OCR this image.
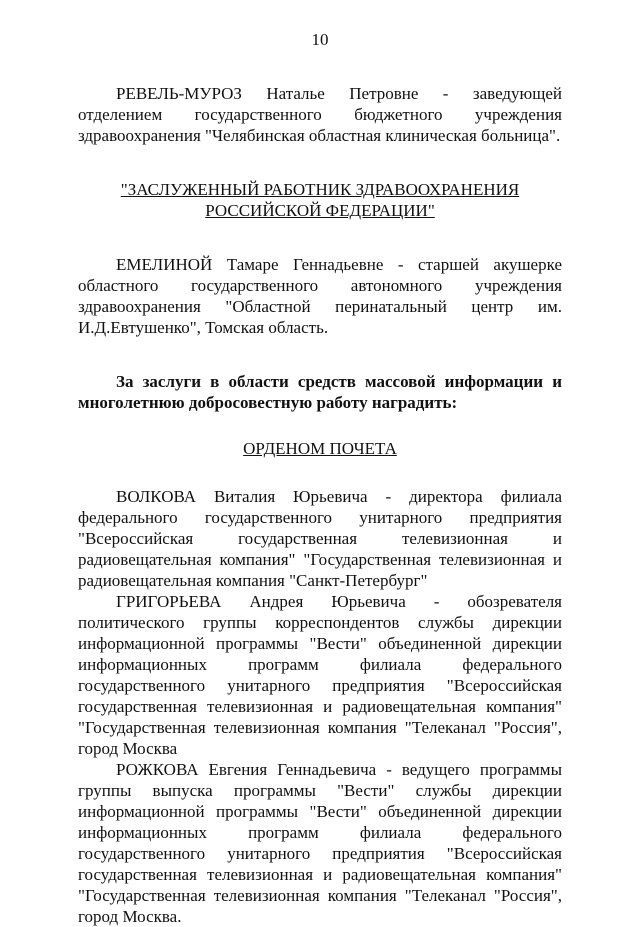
10

РЕВЕЛЬ-МУРОЗ Наталье Петровне - заведующей отделением государственного бюджетного учреждения здравоохранения "Челябинская областная клиническая больница".

"ЗАСЛУЖЕННЫЙ РАБОТНИК ЗДРАВООХРАНЕНИЯ

РОССИЙСКОЙ ФЕДЕРАЦИИ"

ЕМЕЛИНОЙ Тамаре Геннадьевне - старшей акушерке областного государственного автономного учреждения здравоохранения "Областной перинатальный центр им. И.Д.Евтушенко", Томская область.

За заслуги в области средств массовой информации и многолетнюю добросовестную работу наградить:

ОРДЕНОМ ПОЧЕТА

ВОЛКОВА Виталия Юрьевича - директора филиала федерального государственного унитарного предприятия "Всероссийская государственная телевизионная и радиовещательная компания" "Государственная телевизионная и радиовещательная компания "Санкт-Петербург"

ГРИГОРЬЕВА Андрея Юрьевича - обозревателя политического группы корреспондентов службы дирекции информационной программы "Вести" объединенной дирекции информационных программ филиала федерального государственного унитарного предприятия "Всероссийская государственная телевизионная и радиовещательная компания" "Государственная телевизионная компания "Телеканал "Россия", город Москва

РОЖКОВА Евгения Геннадьевича - ведущего программы группы выпуска программы "Вести" службы дирекции информационной программы "Вести" объединенной дирекции информационных программ филиала федерального государственного унитарного предприятия "Всероссийская государственная телевизионная и радиовещательная компания" "Государственная телевизионная компания "Телеканал "Россия", город Москва.
